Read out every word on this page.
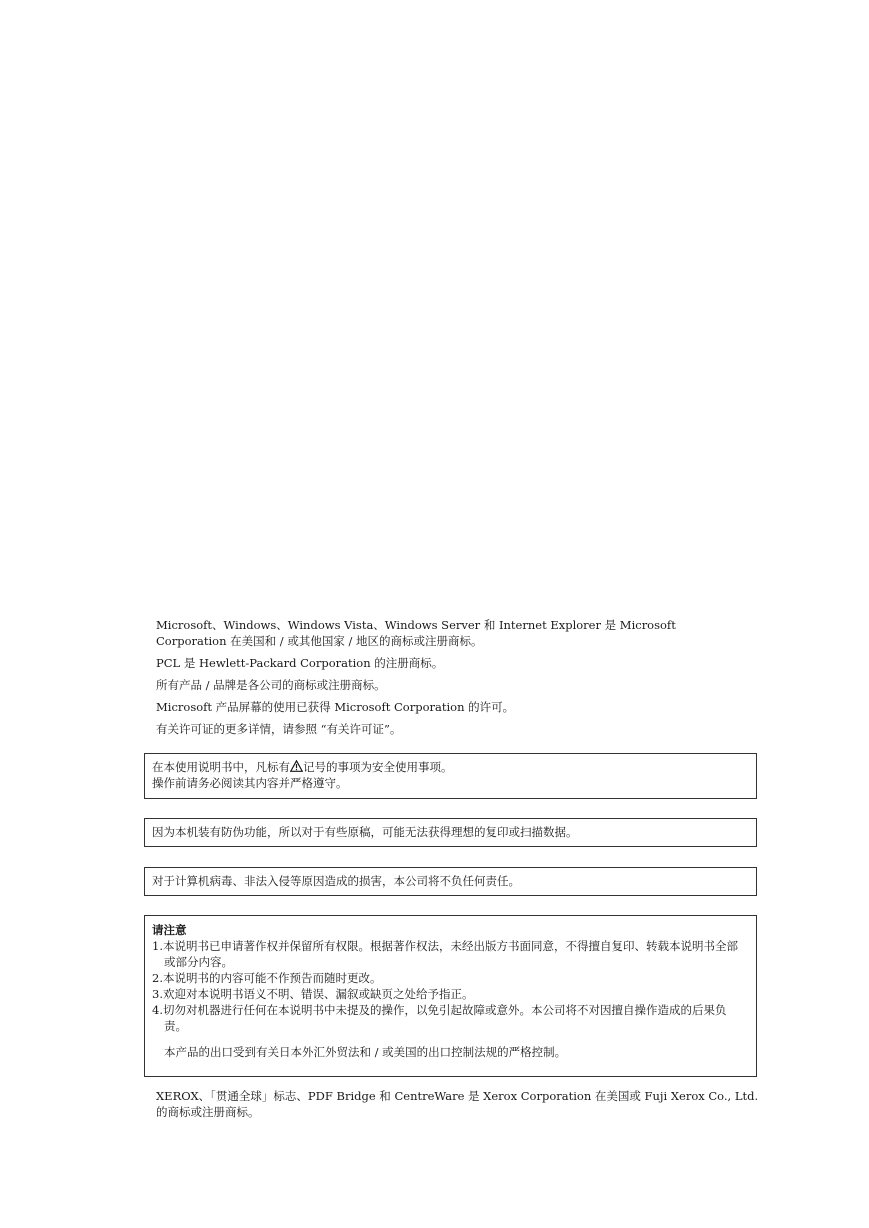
Microsoft、Windows、Windows Vista、Windows Server 和 Internet Explorer 是 Microsoft Corporation 在美国和 / 或其他国家 / 地区的商标或注册商标。

PCL 是 Hewlett-Packard Corporation 的注册商标。

所有产品 / 品牌是各公司的商标或注册商标。

Microsoft 产品屏幕的使用已获得 Microsoft Corporation 的许可。

有关许可证的更多详情，请参照 “有关许可证”。

在本使用说明书中，凡标有 记号的事项为安全使用事项。

操作前请务必阅读其内容并严格遵守。

因为本机装有防伪功能，所以对于有些原稿，可能无法获得理想的复印或扫描数据。

对于计算机病毒、非法入侵等原因造成的损害，本公司将不负任何责任。

请注意

1.本说明书已申请著作权并保留所有权限。根据著作权法，未经出版方书面同意，不得擅自复印、转载本说明书全部或部分内容。
2.本说明书的内容可能不作预告而随时更改。
3.欢迎对本说明书语义不明、错误、漏叙或缺页之处给予指正。
4.切勿对机器进行任何在本说明书中未提及的操作，以免引起故障或意外。本公司将不对因擅自操作造成的后果负责。

本产品的出口受到有关日本外汇外贸法和 / 或美国的出口控制法规的严格控制。

XEROX、「贯通全球」标志、PDF Bridge 和 CentreWare 是 Xerox Corporation 在美国或 Fuji Xerox Co., Ltd. 的商标或注册商标。
